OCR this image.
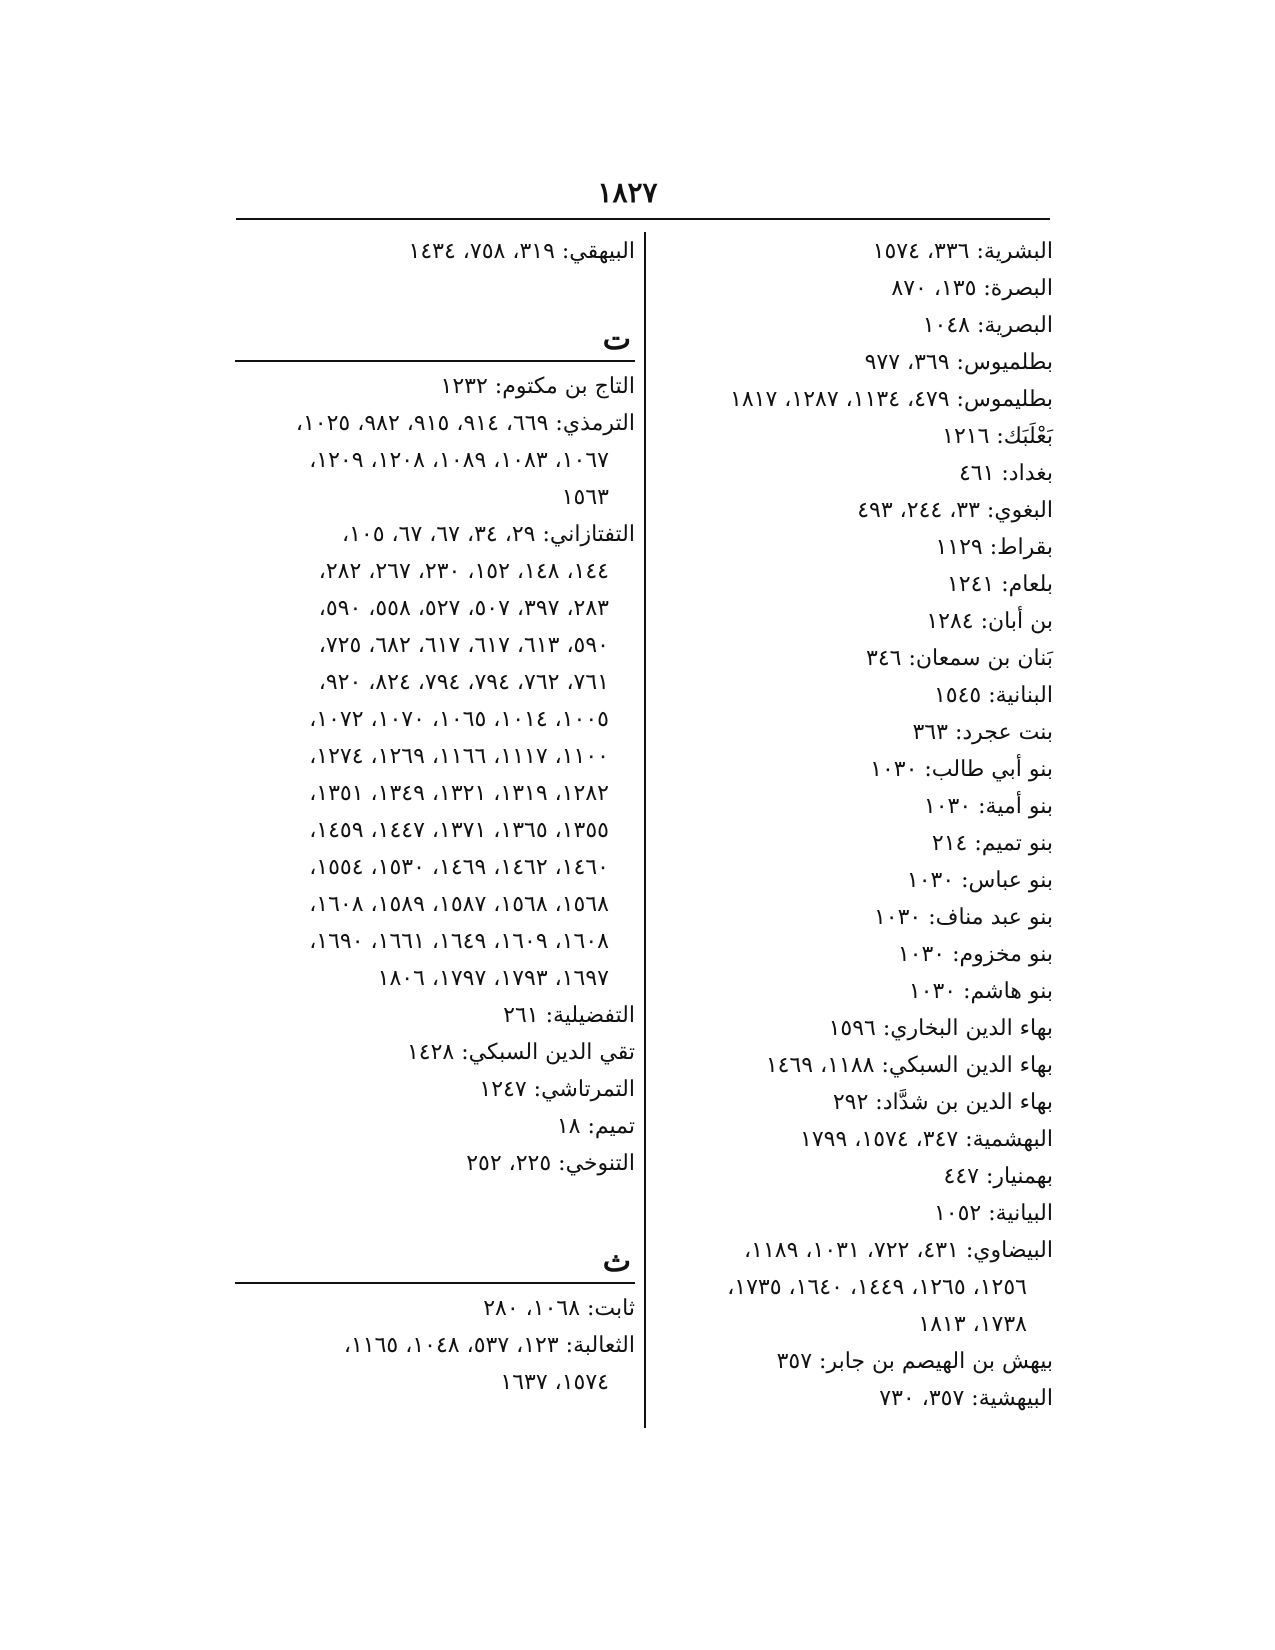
١٨٢٧
البشرية: ٣٣٦، ١٥٧٤
البصرة: ١٣٥، ٨٧٠
البصرية: ١٠٤٨
بطلميوس: ٣٦٩، ٩٧٧
بطليموس: ٤٧٩، ١١٣٤، ١٢٨٧، ١٨١٧
بَعْلَبَك: ١٢١٦
بغداد: ٤٦١
البغوي: ٣٣، ٢٤٤، ٤٩٣
بقراط: ١١٢٩
بلعام: ١٢٤١
بن أبان: ١٢٨٤
بَنان بن سمعان: ٣٤٦
البنانية: ١٥٤٥
بنت عجرد: ٣٦٣
بنو أبي طالب: ١٠٣٠
بنو أمية: ١٠٣٠
بنو تميم: ٢١٤
بنو عباس: ١٠٣٠
بنو عبد مناف: ١٠٣٠
بنو مخزوم: ١٠٣٠
بنو هاشم: ١٠٣٠
بهاء الدين البخاري: ١٥٩٦
بهاء الدين السبكي: ١١٨٨، ١٤٦٩
بهاء الدين بن شدَّاد: ٢٩٢
البهشمية: ٣٤٧، ١٥٧٤، ١٧٩٩
بهمنيار: ٤٤٧
البيانية: ١٠٥٢
البيضاوي: ٤٣١، ٧٢٢، ١٠٣١، ١١٨٩،
١٢٥٦، ١٢٦٥، ١٤٤٩، ١٦٤٠، ١٧٣٥،
١٧٣٨، ١٨١٣
بيهش بن الهيصم بن جابر: ٣٥٧
البيهشية: ٣٥٧، ٧٣٠
البيهقي: ٣١٩، ٧٥٨، ١٤٣٤
ت
التاج بن مكتوم: ١٢٣٢
الترمذي: ٦٦٩، ٩١٤، ٩١٥، ٩٨٢، ١٠٢٥،
١٠٦٧، ١٠٨٣، ١٠٨٩، ١٢٠٨، ١٢٠٩،
١٥٦٣
التفتازاني: ٢٩، ٣٤، ٦٧، ٦٧، ١٠٥،
١٤٤، ١٤٨، ١٥٢، ٢٣٠، ٢٦٧، ٢٨٢،
٢٨٣، ٣٩٧، ٥٠٧، ٥٢٧، ٥٥٨، ٥٩٠،
٥٩٠، ٦١٣، ٦١٧، ٦١٧، ٦٨٢، ٧٢٥،
٧٦١، ٧٦٢، ٧٩٤، ٧٩٤، ٨٢٤، ٩٢٠،
١٠٠٥، ١٠١٤، ١٠٦٥، ١٠٧٠، ١٠٧٢،
١١٠٠، ١١١٧، ١١٦٦، ١٢٦٩، ١٢٧٤،
١٢٨٢، ١٣١٩، ١٣٢١، ١٣٤٩، ١٣٥١،
١٣٥٥، ١٣٦٥، ١٣٧١، ١٤٤٧، ١٤٥٩،
١٤٦٠، ١٤٦٢، ١٤٦٩، ١٥٣٠، ١٥٥٤،
١٥٦٨، ١٥٦٨، ١٥٨٧، ١٥٨٩، ١٦٠٨،
١٦٠٨، ١٦٠٩، ١٦٤٩، ١٦٦١، ١٦٩٠،
١٦٩٧، ١٧٩٣، ١٧٩٧، ١٨٠٦
التفضيلية: ٢٦١
تقي الدين السبكي: ١٤٢٨
التمرتاشي: ١٢٤٧
تميم: ١٨
التنوخي: ٢٢٥، ٢٥٢
ث
ثابت: ١٠٦٨، ٢٨٠
الثعالبة: ١٢٣، ٥٣٧، ١٠٤٨، ١١٦٥،
١٥٧٤، ١٦٣٧
